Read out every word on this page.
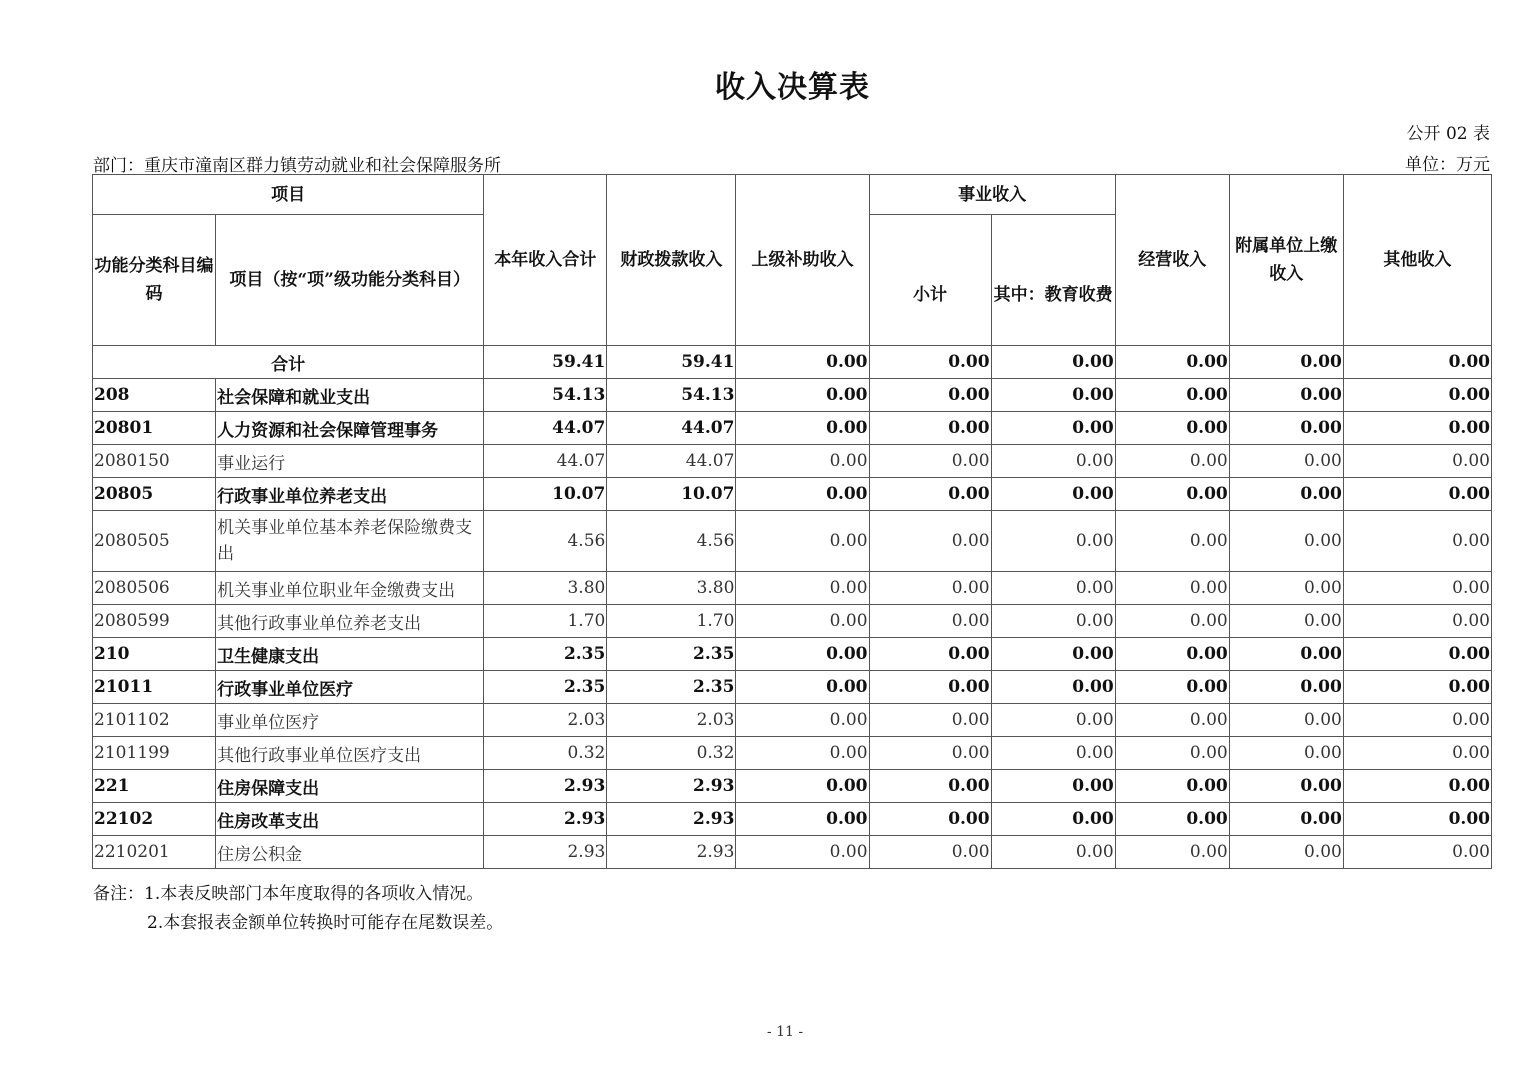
收入决算表
公开 02 表
部门：重庆市潼南区群力镇劳动就业和社会保障服务所	单位：万元
项目		本年收入合计	财政拨款收入	上级补助收入	事业收入		经营收入	附属单位上缴收入	其他收入
功能分类科目编码	项目（按“项”级功能分类科目）				小计	其中：教育收费			
合计		59.41	59.41	0.00	0.00	0.00	0.00	0.00	0.00
208	社会保障和就业支出	54.13	54.13	0.00	0.00	0.00	0.00	0.00	0.00
20801	人力资源和社会保障管理事务	44.07	44.07	0.00	0.00	0.00	0.00	0.00	0.00
2080150	事业运行	44.07	44.07	0.00	0.00	0.00	0.00	0.00	0.00
20805	行政事业单位养老支出	10.07	10.07	0.00	0.00	0.00	0.00	0.00	0.00
2080505	机关事业单位基本养老保险缴费支出	4.56	4.56	0.00	0.00	0.00	0.00	0.00	0.00
2080506	机关事业单位职业年金缴费支出	3.80	3.80	0.00	0.00	0.00	0.00	0.00	0.00
2080599	其他行政事业单位养老支出	1.70	1.70	0.00	0.00	0.00	0.00	0.00	0.00
210	卫生健康支出	2.35	2.35	0.00	0.00	0.00	0.00	0.00	0.00
21011	行政事业单位医疗	2.35	2.35	0.00	0.00	0.00	0.00	0.00	0.00
2101102	事业单位医疗	2.03	2.03	0.00	0.00	0.00	0.00	0.00	0.00
2101199	其他行政事业单位医疗支出	0.32	0.32	0.00	0.00	0.00	0.00	0.00	0.00
221	住房保障支出	2.93	2.93	0.00	0.00	0.00	0.00	0.00	0.00
22102	住房改革支出	2.93	2.93	0.00	0.00	0.00	0.00	0.00	0.00
2210201	住房公积金	2.93	2.93	0.00	0.00	0.00	0.00	0.00	0.00
备注：1.本表反映部门本年度取得的各项收入情况。
2.本套报表金额单位转换时可能存在尾数误差。
- 11 -
